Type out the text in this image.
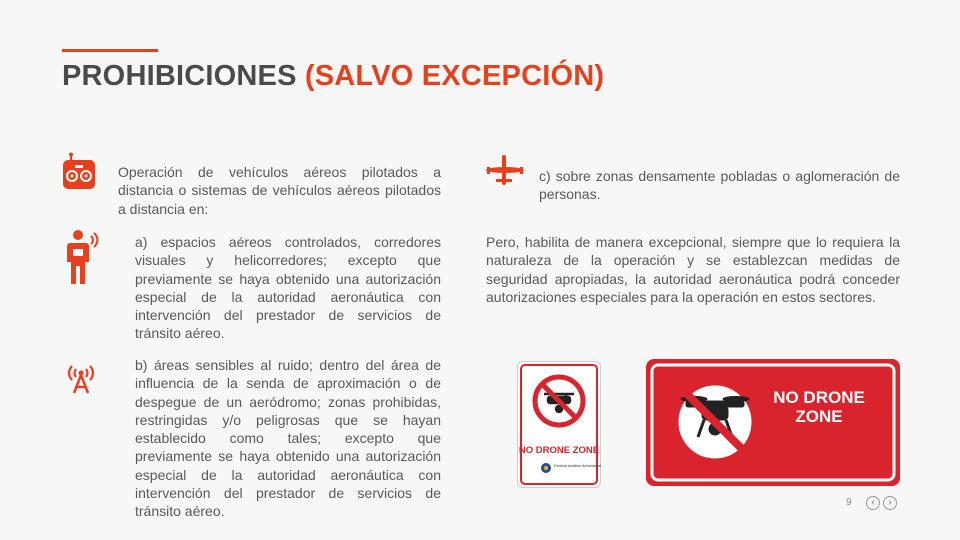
PROHIBICIONES (SALVO EXCEPCIÓN)

Operación de vehículos aéreos pilotados a distancia o sistemas de vehículos aéreos pilotados a distancia en:

a) espacios aéreos controlados, corredores visuales y helicorredores; excepto que previamente se haya obtenido una autorización especial de la autoridad aeronáutica con intervención del prestador de servicios de tránsito aéreo.

b) áreas sensibles al ruido; dentro del área de influencia de la senda de aproximación o de despegue de un aeródromo; zonas prohibidas, restringidas y/o peligrosas que se hayan establecido como tales; excepto que previamente se haya obtenido una autorización especial de la autoridad aeronáutica con intervención del prestador de servicios de tránsito aéreo.

c) sobre zonas densamente pobladas o aglomeración de personas.

Pero, habilita de manera excepcional, siempre que lo requiera la naturaleza de la operación y se establezcan medidas de seguridad apropiadas, la autoridad aeronáutica podrá conceder autorizaciones especiales para la operación en estos sectores.

NO DRONE ZONE
Federal Aviation Administration
NO DRONE
ZONE
9	‹	›
